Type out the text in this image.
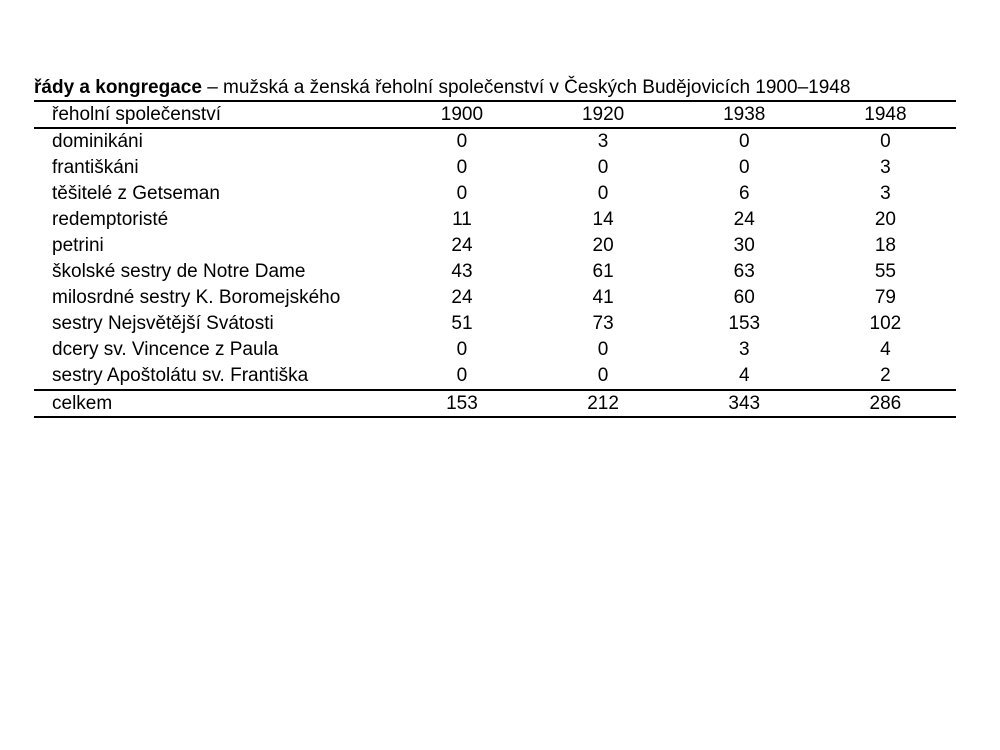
řády a kongregace – mužská a ženská řeholní společenství v Českých Budějovicích 1900–1948
řeholní společenství	1900	1920	1938	1948
dominikáni	0	3	0	0
františkáni	0	0	0	3
těšitelé z Getseman	0	0	6	3
redemptoristé	11	14	24	20
petrini	24	20	30	18
školské sestry de Notre Dame	43	61	63	55
milosrdné sestry K. Boromejského	24	41	60	79
sestry Nejsvětější Svátosti	51	73	153	102
dcery sv. Vincence z Paula	0	0	3	4
sestry Apoštolátu sv. Františka	0	0	4	2
celkem	153	212	343	286
